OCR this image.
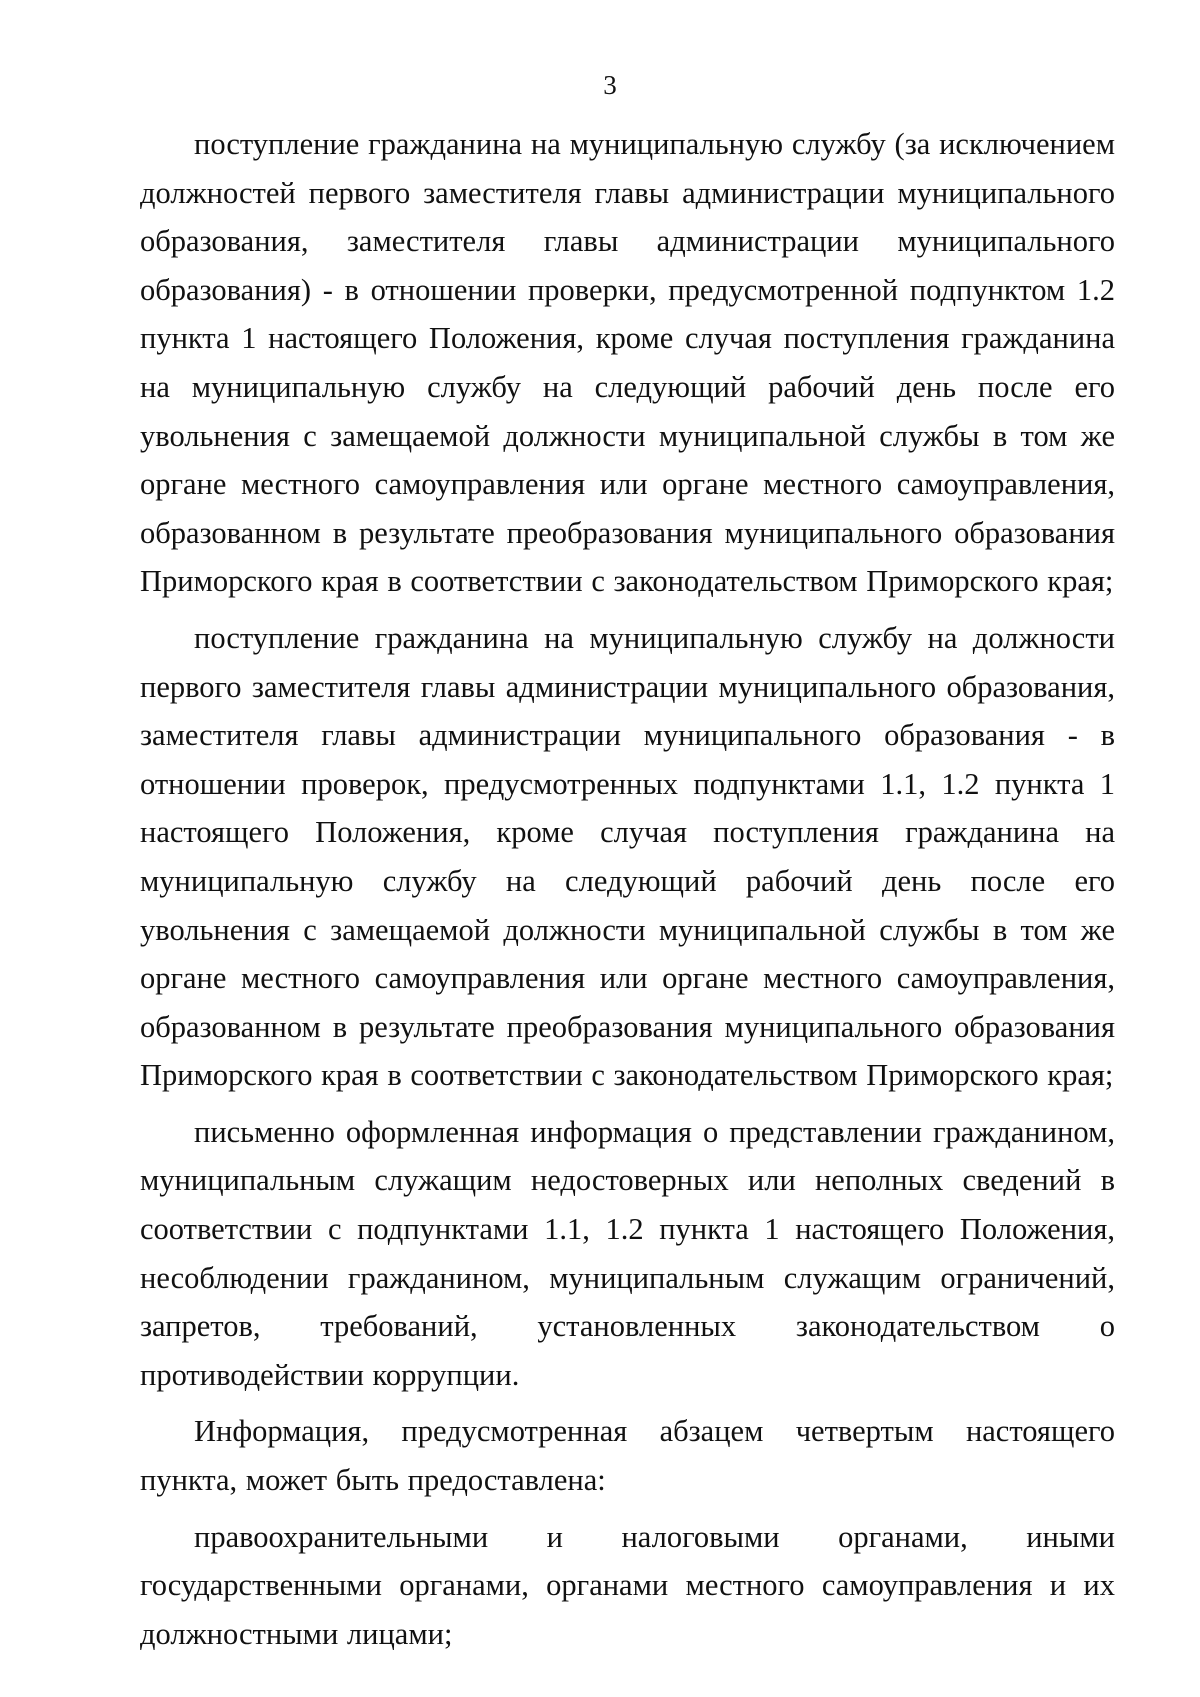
3

поступление гражданина на муниципальную службу (за исключением должностей первого заместителя главы администрации муниципального образования, заместителя главы администрации муниципального образования) - в отношении проверки, предусмотренной подпунктом 1.2 пункта 1 настоящего Положения, кроме случая поступления гражданина на муниципальную службу на следующий рабочий день после его увольнения с замещаемой должности муниципальной службы в том же органе местного самоуправления или органе местного самоуправления, образованном в результате преобразования муниципального образования Приморского края в соответствии с законодательством Приморского края;

поступление гражданина на муниципальную службу на должности первого заместителя главы администрации муниципального образования, заместителя главы администрации муниципального образования - в отношении проверок, предусмотренных подпунктами 1.1, 1.2 пункта 1 настоящего Положения, кроме случая поступления гражданина на муниципальную службу на следующий рабочий день после его увольнения с замещаемой должности муниципальной службы в том же органе местного самоуправления или органе местного самоуправления, образованном в результате преобразования муниципального образования Приморского края в соответствии с законодательством Приморского края;

письменно оформленная информация о представлении гражданином, муниципальным служащим недостоверных или неполных сведений в соответствии с подпунктами 1.1, 1.2 пункта 1 настоящего Положения, несоблюдении гражданином, муниципальным служащим ограничений, запретов, требований, установленных законодательством о противодействии коррупции.

Информация, предусмотренная абзацем четвертым настоящего пункта, может быть предоставлена:

правоохранительными и налоговыми органами, иными государственными органами, органами местного самоуправления и их должностными лицами;
